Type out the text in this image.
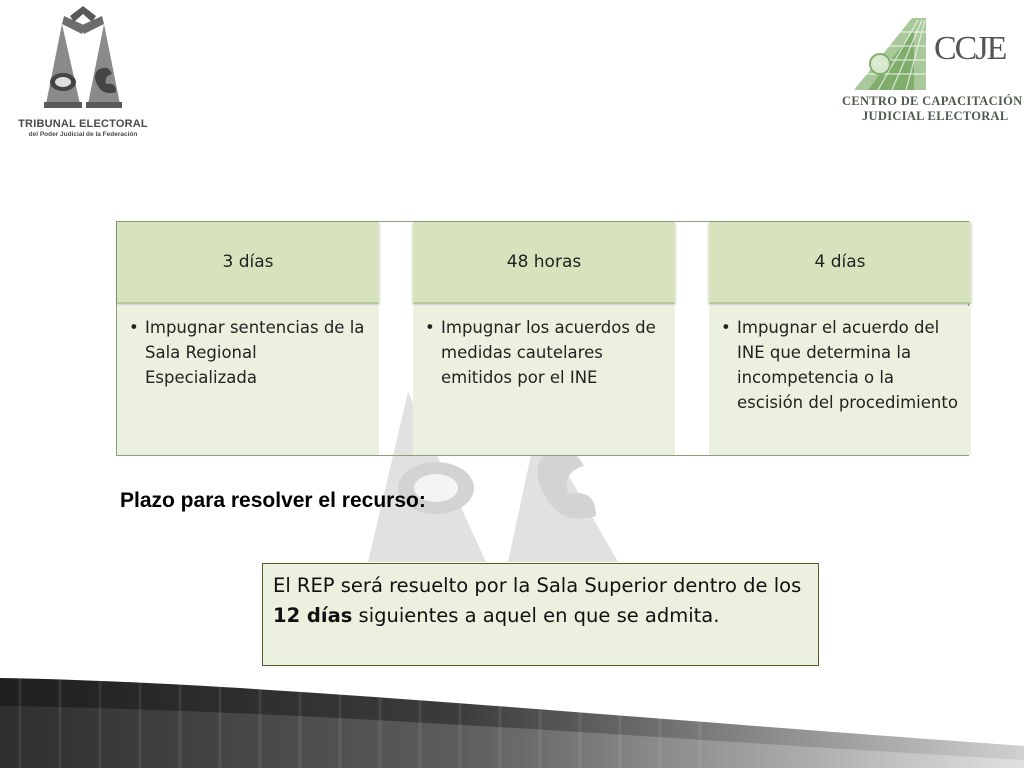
TRIBUNAL ELECTORAL
del Poder Judicial de la Federación
CCJE
CENTRO DE CAPACITACIÓN
JUDICIAL ELECTORAL
3 días
• Impugnar sentencias de la Sala Regional Especializada
48 horas
• Impugnar los acuerdos de medidas cautelares emitidos por el INE
4 días
• Impugnar el acuerdo del INE que determina la incompetencia o la escisión del procedimiento
Plazo para resolver el recurso:
El REP será resuelto por la Sala Superior dentro de los 12 días siguientes a aquel en que se admita.
